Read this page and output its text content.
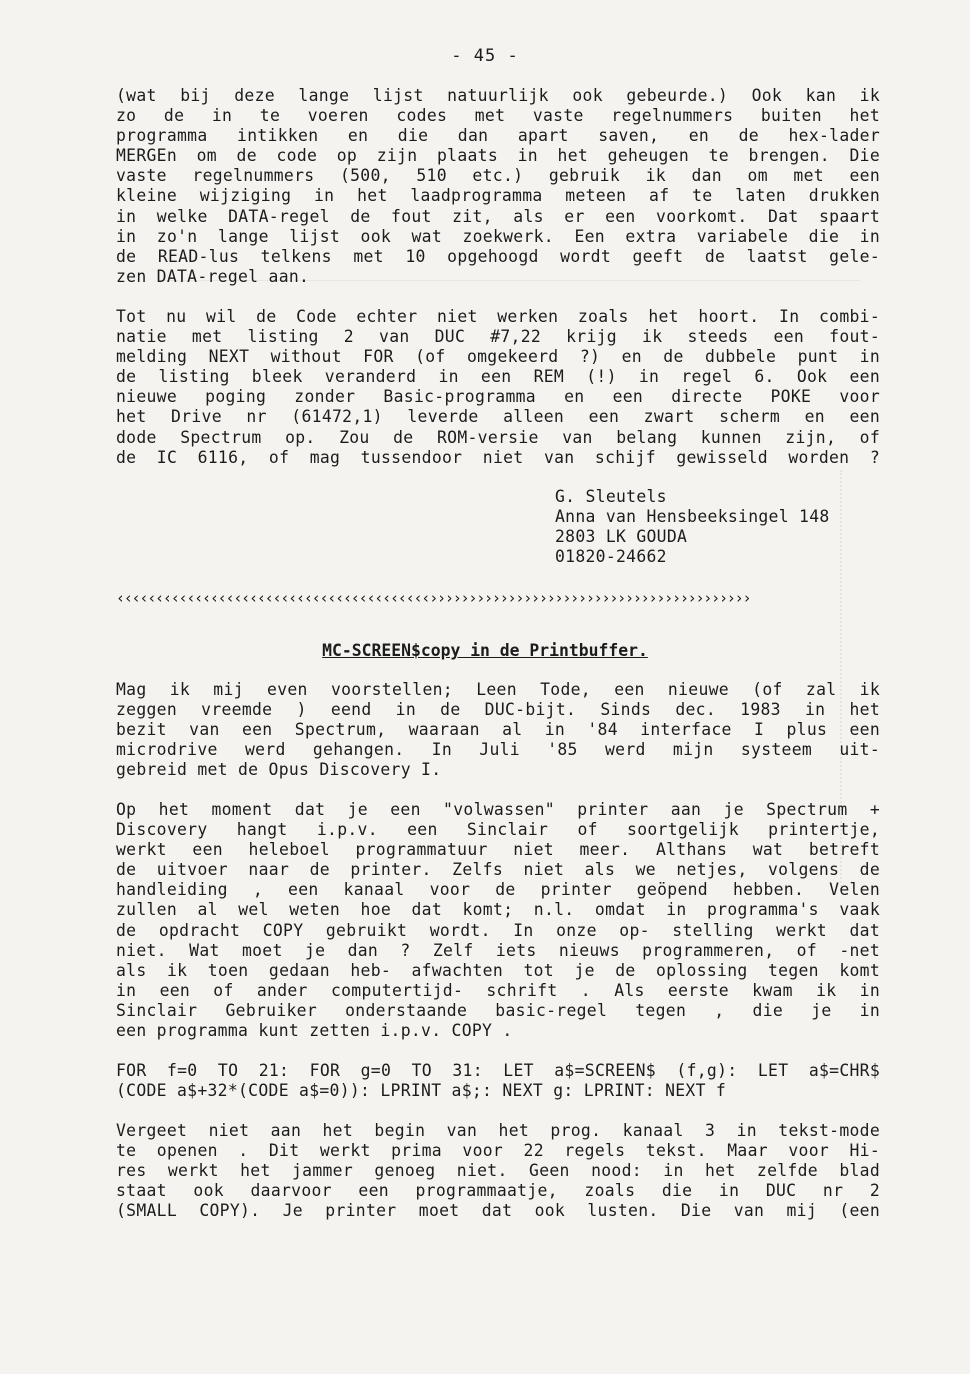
- 45 -
(wat bij deze lange lijst natuurlijk ook gebeurde.) Ook kan ik
zo de in te voeren codes met vaste regelnummers buiten het
programma intikken en die dan apart saven, en de hex-lader
MERGEn om de code op zijn plaats in het geheugen te brengen. Die
vaste regelnummers (500, 510 etc.) gebruik ik dan om met een
kleine wijziging in het laadprogramma meteen af te laten drukken
in welke DATA-regel de fout zit, als er een voorkomt. Dat spaart
in zo'n lange lijst ook wat zoekwerk. Een extra variabele die in
de READ-lus telkens met 10 opgehoogd wordt geeft de laatst gele-
zen DATA-regel aan.
Tot nu wil de Code echter niet werken zoals het hoort. In combi-
natie met listing 2 van DUC #7,22 krijg ik steeds een fout-
melding NEXT without FOR (of omgekeerd ?) en de dubbele punt in
de listing bleek veranderd in een REM (!) in regel 6. Ook een
nieuwe poging zonder Basic-programma en een directe POKE voor
het Drive nr (61472,1) leverde alleen een zwart scherm en een
dode Spectrum op. Zou de ROM-versie van belang kunnen zijn, of
de IC 6116, of mag tussendoor niet van schijf gewisseld worden ?
G. Sleutels
Anna van Hensbeeksingel 148
2803 LK GOUDA
01820-24662
‹‹‹‹‹‹‹‹‹‹‹‹‹‹‹‹‹‹‹‹‹‹‹‹‹‹‹‹‹‹‹‹‹‹‹‹‹‹‹‹›››››››››››››››››››››››››››››››››››››››››
MC-SCREEN$copy in de Printbuffer.
Mag ik mij even voorstellen; Leen Tode, een nieuwe (of zal ik
zeggen vreemde ) eend in de DUC-bijt. Sinds dec. 1983 in het
bezit van een Spectrum, waaraan al in '84 interface I plus een
microdrive werd gehangen. In Juli '85 werd mijn systeem uit-
gebreid met de Opus Discovery I.
Op het moment dat je een "volwassen" printer aan je Spectrum +
Discovery hangt i.p.v. een Sinclair of soortgelijk printertje,
werkt een heleboel programmatuur niet meer. Althans wat betreft
de uitvoer naar de printer. Zelfs niet als we netjes, volgens de
handleiding , een kanaal voor de printer geöpend hebben. Velen
zullen al wel weten hoe dat komt; n.l. omdat in programma's vaak
de opdracht COPY gebruikt wordt. In onze op- stelling werkt dat
niet. Wat moet je dan ? Zelf iets nieuws programmeren, of -net
als ik toen gedaan heb- afwachten tot je de oplossing tegen komt
in een of ander computertijd- schrift . Als eerste kwam ik in
Sinclair Gebruiker onderstaande basic-regel tegen , die je in
een programma kunt zetten i.p.v. COPY .
FOR f=0 TO 21: FOR g=0 TO 31: LET a$=SCREEN$ (f,g): LET a$=CHR$
(CODE a$+32*(CODE a$=0)): LPRINT a$;: NEXT g: LPRINT: NEXT f
Vergeet niet aan het begin van het prog. kanaal 3 in tekst-mode
te openen . Dit werkt prima voor 22 regels tekst. Maar voor Hi-
res werkt het jammer genoeg niet. Geen nood: in het zelfde blad
staat ook daarvoor een programmaatje, zoals die in DUC nr 2
(SMALL COPY). Je printer moet dat ook lusten. Die van mij (een
